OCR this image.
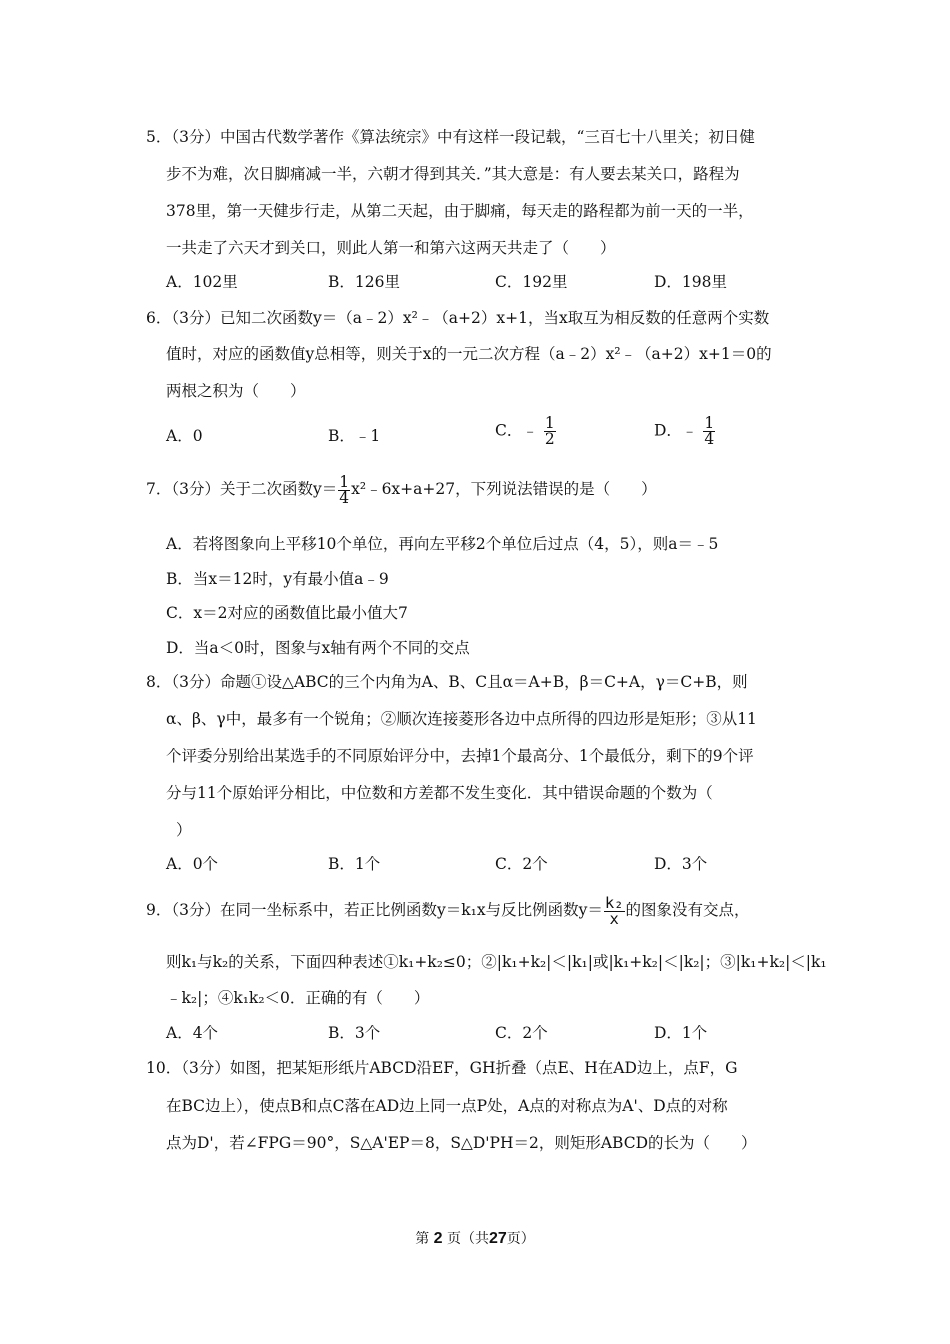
5．（3分）中国古代数学著作《算法统宗》中有这样一段记载，“三百七十八里关；初日健
步不为难，次日脚痛减一半，六朝才得到其关．”其大意是：有人要去某关口，路程为
378里，第一天健步行走，从第二天起，由于脚痛，每天走的路程都为前一天的一半，
一共走了六天才到关口，则此人第一和第六这两天共走了（　　）
A．102里	B．126里	C．192里	D．198里
6．（3分）已知二次函数y＝（a﹣2）x²﹣（a+2）x+1，当x取互为相反数的任意两个实数
值时，对应的函数值y总相等，则关于x的一元二次方程（a﹣2）x²﹣（a+2）x+1＝0的
两根之积为（　　）
A．0	B．﹣1	C．﹣ $\frac{1}{2}$	D．﹣ $\frac{1}{4}$
7．（3分）关于二次函数$y= \frac{1}{4}$ x²﹣6x+a+27，下列说法错误的是（　　）
A．若将图象向上平移10个单位，再向左平移2个单位后过点（4，5），则a＝﹣5
B．当x＝12时，y有最小值a﹣9
C．x＝2对应的函数值比最小值大7
D．当a＜0时，图象与x轴有两个不同的交点
8．（3分）命题①设△ABC的三个内角为A、B、C且α＝A+B，β＝C+A，γ＝C+B，则
α、β、γ中，最多有一个锐角；②顺次连接菱形各边中点所得的四边形是矩形；③从11
个评委分别给出某选手的不同原始评分中，去掉1个最高分、1个最低分，剩下的9个评
分与11个原始评分相比，中位数和方差都不发生变化．其中错误命题的个数为（
）
A．0个	B．1个	C．2个	D．3个
9．（3分）在同一坐标系中，若正比例函数y＝k₁x与反比例函数$y= \frac{\text{k₂}}{x}$ 的图象没有交点，
则k₁与k₂的关系，下面四种表述①k₁+k₂≤0；②|k₁+k₂|＜|k₁|或|k₁+k₂|＜|k₂|；③|k₁+k₂|＜|k₁
﹣k₂|；④k₁k₂＜0．正确的有（　　）
A．4个	B．3个	C．2个	D．1个
10．（3分）如图，把某矩形纸片ABCD沿EF，GH折叠（点E、H在AD边上，点F，G
在BC边上），使点B和点C落在AD边上同一点P处，A点的对称点为A'、D点的对称
点为D'，若∠FPG＝90°，S△A'EP＝8，S△D'PH＝2，则矩形ABCD的长为（　　）
第 2 页（共27页）
